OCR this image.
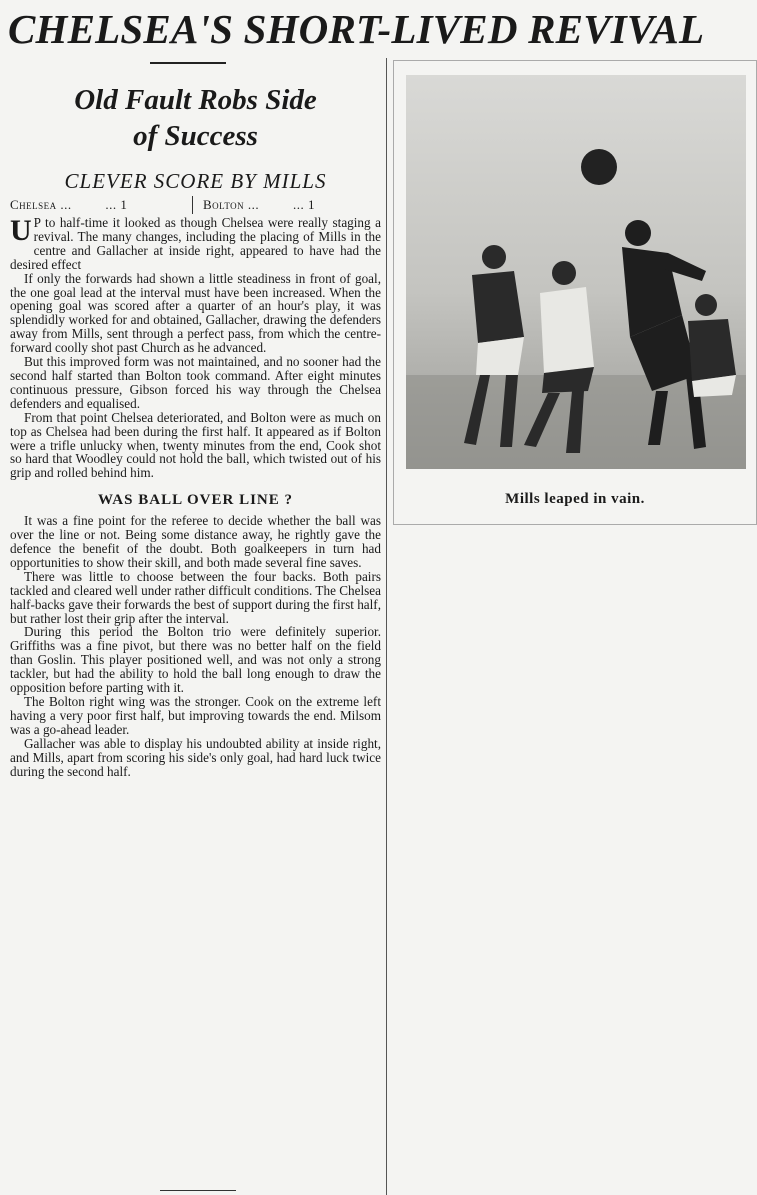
CHELSEA'S SHORT-LIVED REVIVAL
Old Fault Robs Side
of Success
CLEVER SCORE BY MILLS
Chelsea ...	... 1	Bolton ...	... 1

U P to half-time it looked as though Chelsea were really staging a revival. The many changes, including the placing of Mills in the centre and Gallacher at inside right, appeared to have had the desired effect

If only the forwards had shown a little steadiness in front of goal, the one goal lead at the interval must have been increased. When the opening goal was scored after a quarter of an hour's play, it was splendidly worked for and obtained, Gallacher, drawing the defenders away from Mills, sent through a perfect pass, from which the centre-forward coolly shot past Church as he advanced.

But this improved form was not maintained, and no sooner had the second half started than Bolton took command. After eight minutes continuous pressure, Gibson forced his way through the Chelsea defenders and equalised.

From that point Chelsea deteriorated, and Bolton were as much on top as Chelsea had been during the first half. It appeared as if Bolton were a trifle unlucky when, twenty minutes from the end, Cook shot so hard that Woodley could not hold the ball, which twisted out of his grip and rolled behind him.

WAS BALL OVER LINE ?

It was a fine point for the referee to decide whether the ball was over the line or not. Being some distance away, he rightly gave the defence the benefit of the doubt. Both goalkeepers in turn had opportunities to show their skill, and both made several fine saves.

There was little to choose between the four backs. Both pairs tackled and cleared well under rather difficult conditions. The Chelsea half-backs gave their forwards the best of support during the first half, but rather lost their grip after the interval.

During this period the Bolton trio were definitely superior. Griffiths was a fine pivot, but there was no better half on the field than Goslin. This player positioned well, and was not only a strong tackler, but had the ability to hold the ball long enough to draw the opposition before parting with it.

The Bolton right wing was the stronger. Cook on the extreme left having a very poor first half, but improving towards the end. Milsom was a go-ahead leader.

Gallacher was able to display his undoubted ability at inside right, and Mills, apart from scoring his side's only goal, had hard luck twice during the second half.

Mills leaped in vain.
